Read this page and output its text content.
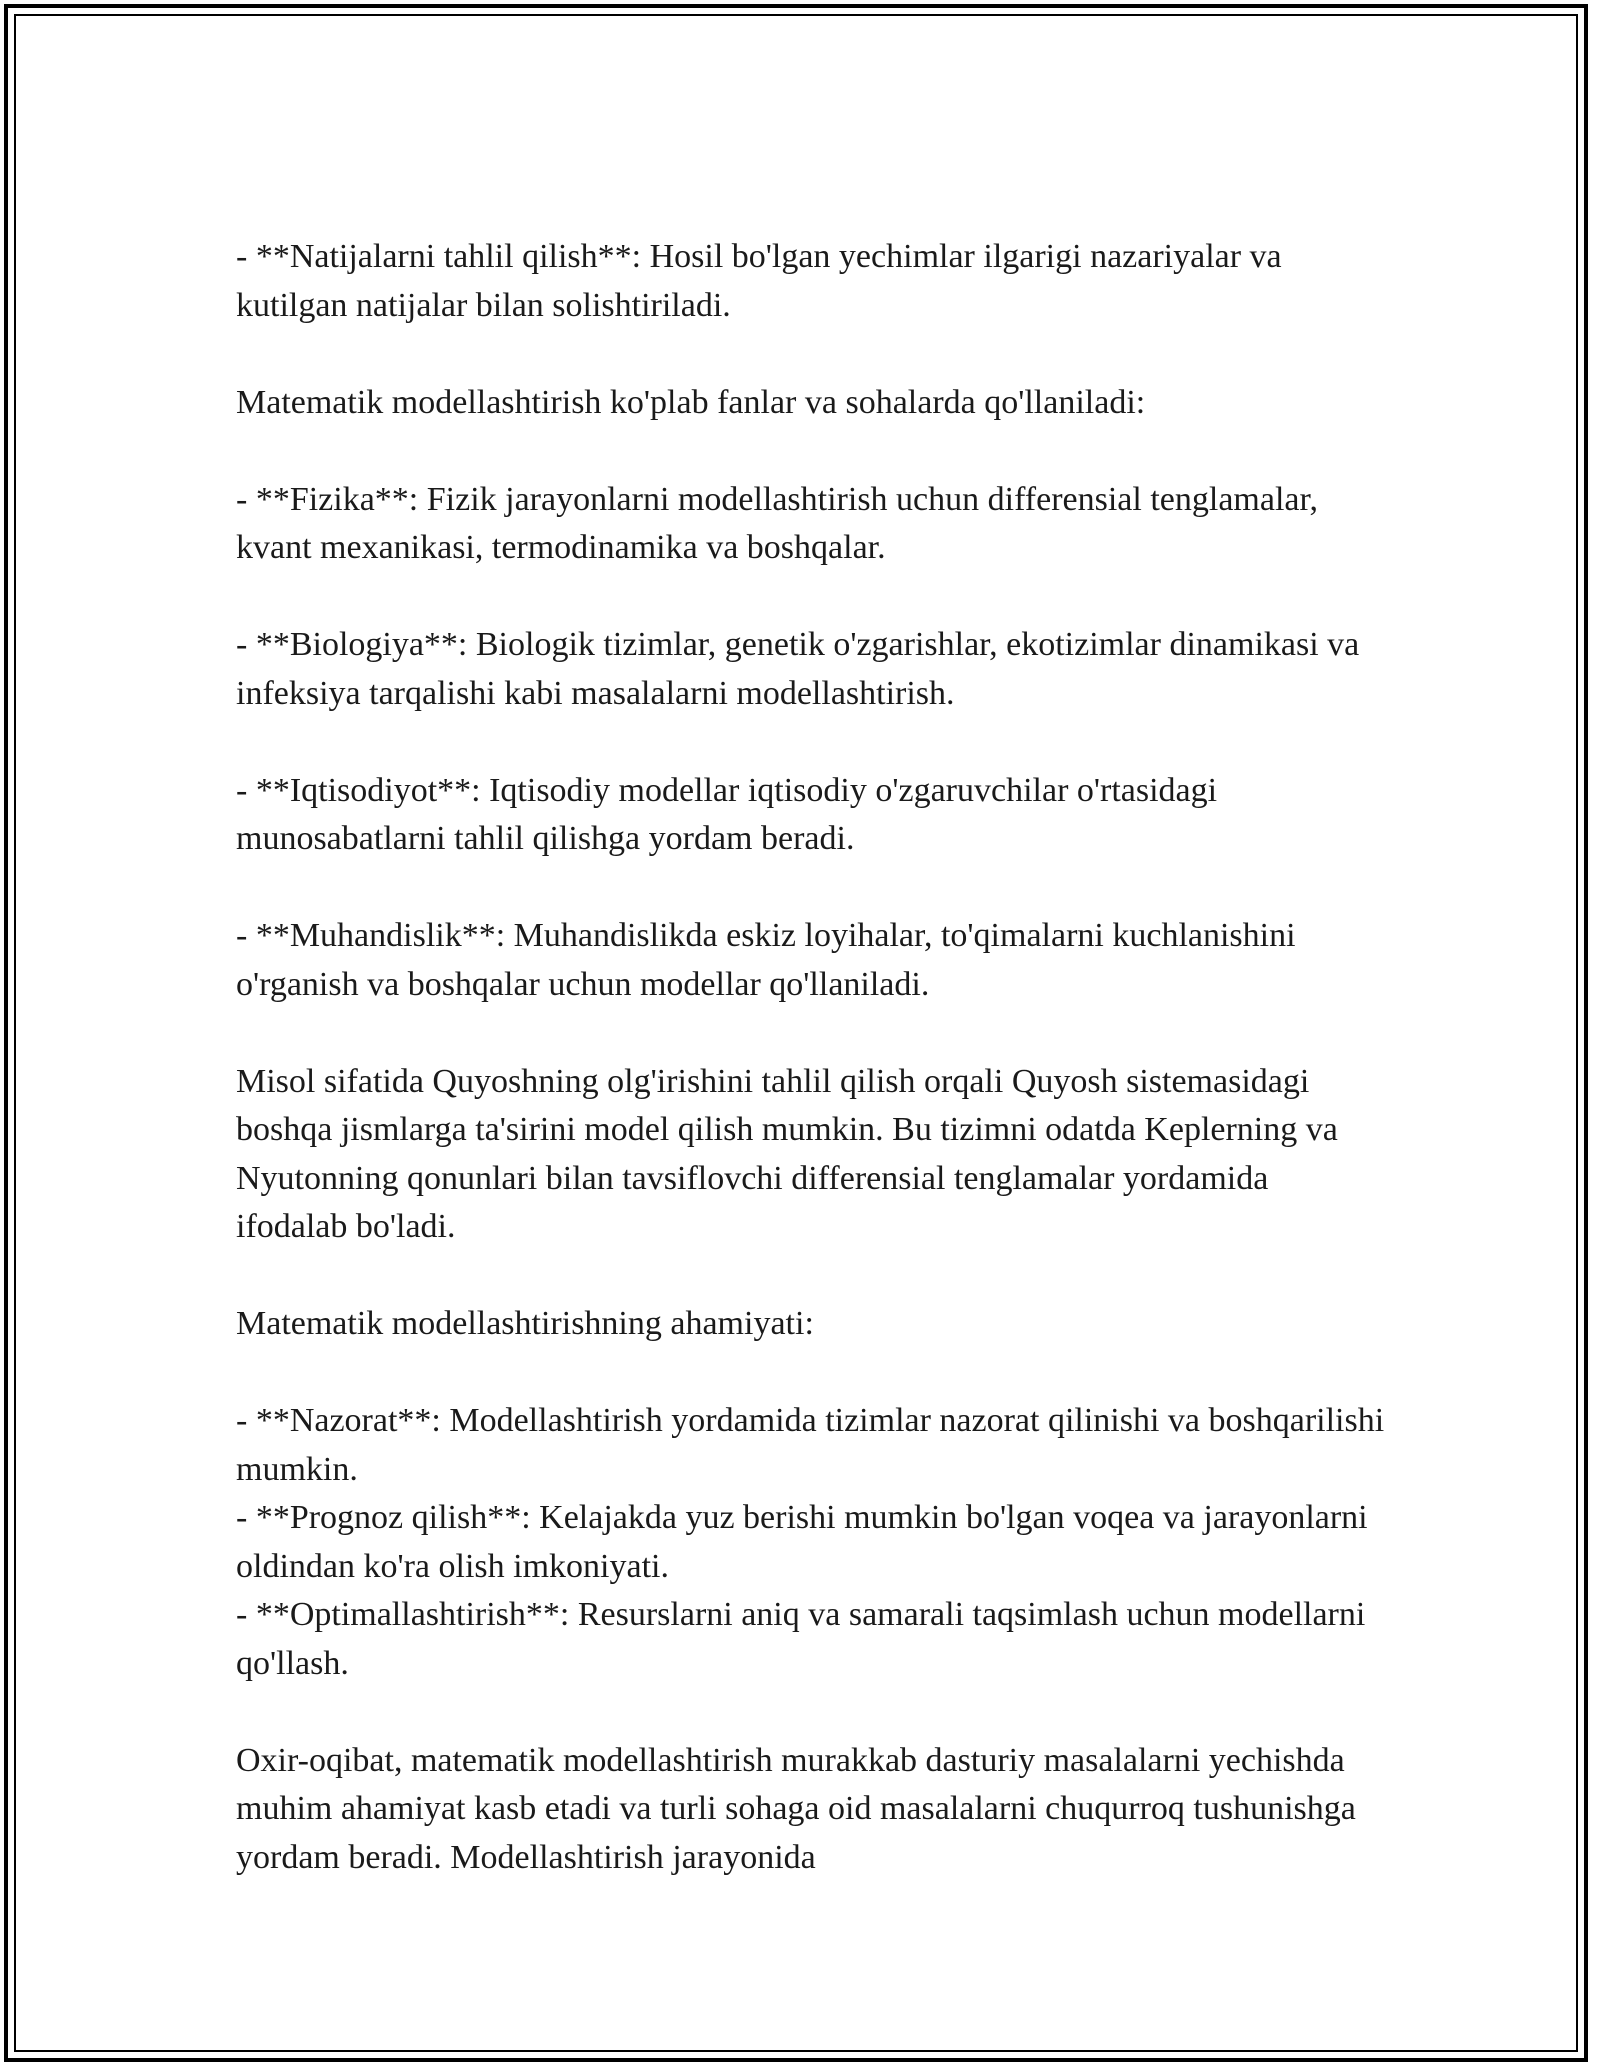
- **Natijalarni tahlil qilish**: Hosil bo'lgan yechimlar ilgarigi nazariyalar va kutilgan natijalar bilan solishtiriladi.

Matematik modellashtirish ko'plab fanlar va sohalarda qo'llaniladi:

- **Fizika**: Fizik jarayonlarni modellashtirish uchun differensial tenglamalar, kvant mexanikasi, termodinamika va boshqalar.

- **Biologiya**: Biologik tizimlar, genetik o'zgarishlar, ekotizimlar dinamikasi va infeksiya tarqalishi kabi masalalarni modellashtirish.

- **Iqtisodiyot**: Iqtisodiy modellar iqtisodiy o'zgaruvchilar o'rtasidagi munosabatlarni tahlil qilishga yordam beradi.

- **Muhandislik**: Muhandislikda eskiz loyihalar, to'qimalarni kuchlanishini o'rganish va boshqalar uchun modellar qo'llaniladi.

Misol sifatida Quyoshning olg'irishini tahlil qilish orqali Quyosh sistemasidagi boshqa jismlarga ta'sirini model qilish mumkin. Bu tizimni odatda Keplerning va Nyutonning qonunlari bilan tavsiflovchi differensial tenglamalar yordamida ifodalab bo'ladi.

Matematik modellashtirishning ahamiyati:

- **Nazorat**: Modellashtirish yordamida tizimlar nazorat qilinishi va boshqarilishi mumkin.

- **Prognoz qilish**: Kelajakda yuz berishi mumkin bo'lgan voqea va jarayonlarni oldindan ko'ra olish imkoniyati.

- **Optimallashtirish**: Resurslarni aniq va samarali taqsimlash uchun modellarni qo'llash.

Oxir-oqibat, matematik modellashtirish murakkab dasturiy masalalarni yechishda muhim ahamiyat kasb etadi va turli sohaga oid masalalarni chuqurroq tushunishga yordam beradi. Modellashtirish jarayonida
